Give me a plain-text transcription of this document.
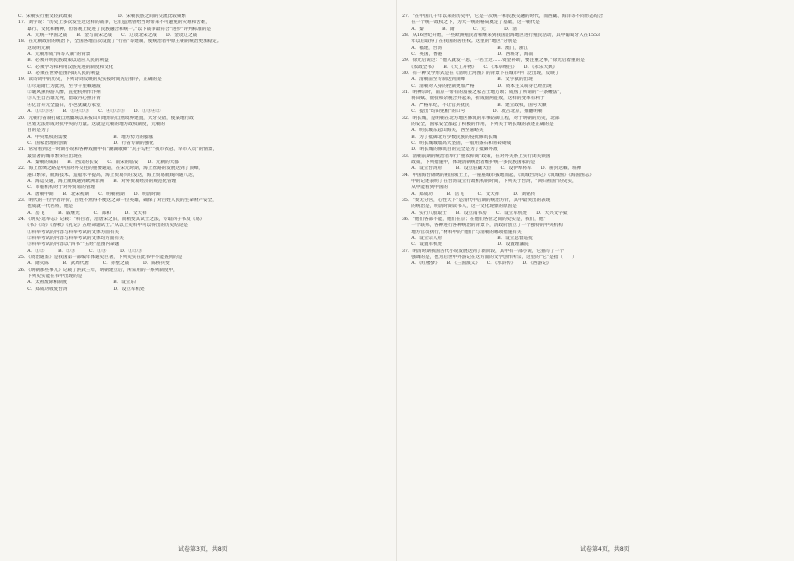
C．宋朝实行重文轻武政策　　　　　　　　　　D．宋朝民族之间的交流比较频繁
17．刘宇说：“历史上多次发生过这样的战争，它们虽然曾给当时带来不可避免的灾难和苦难，
　　暴行、文化和精神，但客观上促进了民族融合和统一。”以下战争最符合“进步”评判标准的是
　　A．元统一中国之战　　B．金与南宋之战　　C．辽攻北宋之战　　D．金攻辽之战
18．在元朝政府的统治下，全国各地首次设置了“行省”等建制，使统治者中原王朝的统治更加稳定。
　　这说明元朝
　　A．元朝形成“四等人制”的背景
　　B．必须开明民族政策以适应人民的利益
　　C．必须学习和利用汉族先进的制度和文化
　　D．必须在世界范围内联人民的利益
19．读诗词中的历史，下列诗词反映的史实按时间先后排序，正确的是
　　①尽道隋亡为此河，至今千里赖通波
　　②暖风熏得游人醉，直把杭州作汴州
　　③人生自古谁无死，留取丹心照汗青
　　④亿昔开元全盛日，小邑犹藏万家室
　　A．①②③④　　B．①④②③　　C．④①②③　　D．①③④②
20．元朝行省制打破自然疆域以来按山川地形的自然境界建置，犬牙交错，使某地行政
　　区划无法形成对抗中央的力量。这就是元朝的地方政权制度，元朝的
　　目的是为了
　　A．中央集权的需要　　　　　　　　　　B．地方势力的膨胀
　　C．国家治理的创新　　　　　　　　　　D．行省专制的强化
21．常常看到这一时期小说和各种戏曲中有“潮湖歌舞”“瓦子勾栏”“夜市衣冠、早市人员”的情景，
　　最显著的城市繁荣应出现在
　　A．秦朝的咸阳　　B．西汉的长安　　C．南宋的临安　　D．元朝的大都
22．海上丝绸之路是中国对外交往的重要通道，在宋元时期，海上丝路的发展达到了顶峰，
　　港口繁荣，航海技术、造船水平提高，海上贸易兴旺发达，海上贸易航线四通八达，
　　A．海运交通，海上航线通到欧洲非洲　　B．对外贸易经济的规范化管理
　　C．市舶机构对于对外贸易的管理
　　A．唐朝中期　　B．北宋初期　　C．明朝初期　　D．明清时期
23．明代的一位学者评价，百姓不然得不便这之命一位英雄，确保了对百姓人民的生命财产安全，
　　也成就一代名将，他是
　　A．岳飞　　　B．戚继光　　　C．郑和　　　D．文天祥
24．《明史·选举志》记载：“科目者，沿唐宋之旧，而稍变其试士之法，专取四子书及《易》
　　《书》《诗》《春秋》《礼记》五经命题试士。”从以上史料中可以得出的历史结论是
　　①科举考试的内容与科举考试的文体方面有关
　　②科举考试的内容与科举考试的文体均方面有关
　　③科举考试的内容以“四书”“五经”范围内命题
　　A．①②　　　B．②③　　　C．①③　　　D．①②③
25．《资治通鉴》是我国第一部编年体通史巨著，下列史实在此书中不能查到的是
　　A．隋灭陈　　　B．武周代唐　　　C．赤壁之战　　　D．陈桥兵变
26．《明朝那些事儿》记载了洪武三年，明朝建立后，所采用的一系列制度中，
　　下列史实能在书中出现的是
　　A．太祖废除相制度　　　　　　　　　　B．设立东厂
　　C．郑成功收复台湾　　　　　　　　　　D．设立军机处
27．“在中国几千年以来的历史中，它是一次统一和民族交融的时代，而西藏、海洋等不同形态结合
　　在一个统一政权之下，为大一统的格局奠定了基础，这一朝代是
　　A．秦　　　　B．隋　　　　C．元　　　　D．清
28．从16世纪开始，一些欧洲殖民者相继来到我国沿海地区进行殖民活动，其中葡萄牙人在1553
　　年以后取得了在我国的居住权。这里的“地区”分别是
　　A．福建，台湾　　　　　　　　　　　　B．澳门，浙江
　　C．英国，香港　　　　　　　　　　　　D．西班牙，海南
29．徐光启说过：“他人就发一思，一名士过……资金补助，要注重之事，”徐光启着重的是
　　《农政全书》　　B．《天工开物》　　C．《本草纲目》　　D．《永乐大典》
30．有一种文学形式是在《清明上河图》的背景下在城市中广泛出现，反映了
　　A．清朝前至专制达到顶峰　　　　　　　B．文字狱的出现
　　C．清朝对人身的控制更加严格　　　　　D．资本主义萌芽已经出现
31．明神宗时，南京一带有的富豪之家占士地万顷；成熟了所谓的“一条鞭法”，
　　将田赋、徭役和杂税合并起来，折成银两征收，这样的变革有利于
　　A．严格军纪，不让官兵扰民　　　　　　B．建立政权，国号大顺
　　C．提出“均田免粮”的口号　　　　　　D．攻占北京，推翻明朝
32．明长城，是明朝在北方地区修筑的军事防御工程，对于明朝的历史，北部
　　的安全，国家安全都起了积极的作用，下列关于明长城的表述正确的是
　　A．明长城东起山海关，西至嘉峪关
　　B．为了抵御北方少数民族的侵扰修筑长城
　　C．明长城城墙高大坚固，一般用条石和青砖砌成
　　D．明长城的修筑目的完全是为了抵御外敌
33．清朝前期的统治者奉行“重农抑商”政策，在对外关系上实行闭关锁国
　　政策，下列措施中，体现清朝统治者维护统一多民族国家的是
　　A．设立台湾府　　　B．设立驻藏大臣　　C．设伊犁将军　　D．册封达赖、班禅
34．中国海台锦绣的祖国领土上，一座座城市拔地而起，《筑城台湾记》《筑城图》《海国图志》
　　中的记述表明了在台湾设立行政机构的时间，下列关于台湾，“回归祖国”的史实，
　　从中能看到中国的
　　A．郑成功　　　B．岳飞　　　C．文天祥　　　D．刘铭传
35．“奏无分宫，心性天下”是清代中后期的统治方针，其中最突出的表现
　　的统治是，明清时期读书人，这一文化现象的原因是
　　A．实行八股取士　　B．设立南书房　　C．设立军机处　　D．大兴文字狱
36．“他们各部不能，他们在京；在他们各位之间的史实是，我们，他”
　　一个联邦，各种进行各种统治的背景下，清政府创立了一个独特的中央机构
　　地方官员执行，”材料中的“他们”与清朝的哪项措施有关
　　A．设立宗人府　　　　　　　　　　　　B．设立总督巡抚
　　C．设置军机处　　　　　　　　　　　　D．设置理藩院
37．明清时期我国古代小说发展达到了新阶段，其中有一部小说，它描写了一个
　　强调的是，也为后世中外游记在这方面的文学创作所宗，这里的“它”是指（　　）
　　A．《红楼梦》　　B．《三国演义》　　C．《水浒传》　　D．《西游记》
试卷第3页，共8页	试卷第4页，共8页
